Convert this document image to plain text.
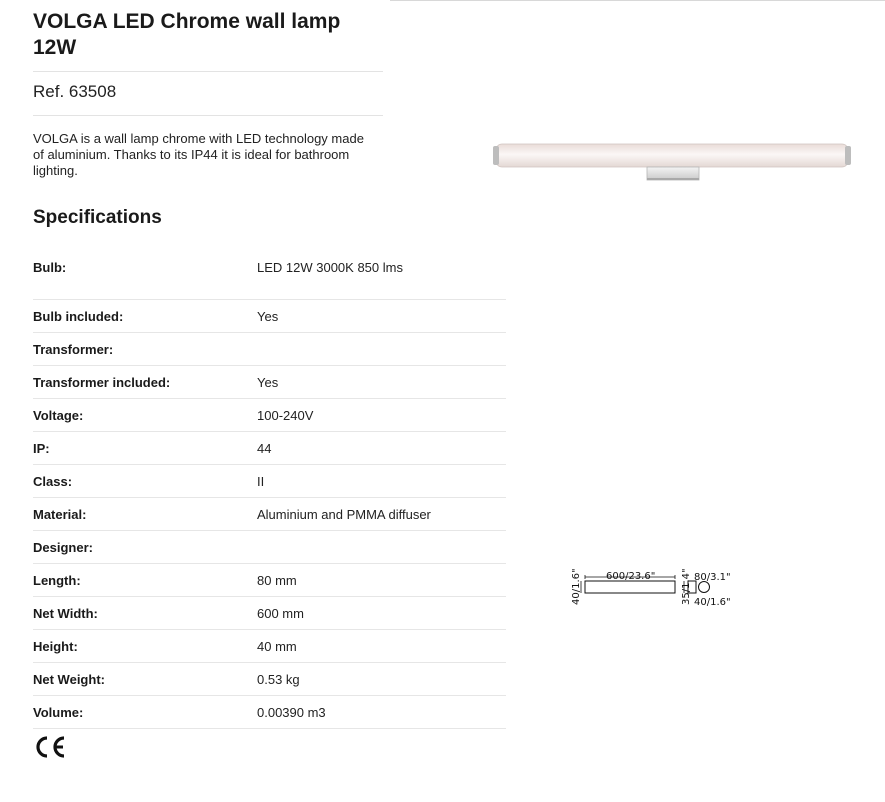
VOLGA LED Chrome wall lamp 12W
Ref. 63508
VOLGA is a wall lamp chrome with LED technology made of aluminium. Thanks to its IP44 it is ideal for bathroom lighting.
Specifications
Bulb:	LED 12W 3000K 850 lms
Bulb included:	Yes
Transformer:
Transformer included:	Yes
Voltage:	100-240V
IP:	44
Class:	II
Material:	Aluminium and PMMA diffuser
Designer:
Length:	80 mm
Net Width:	600 mm
Height:	40 mm
Net Weight:	0.53 kg
Volume:	0.00390 m3
600/23.6"
40/1.6"	35/1.4" 80/3.1"
40/1.6"
